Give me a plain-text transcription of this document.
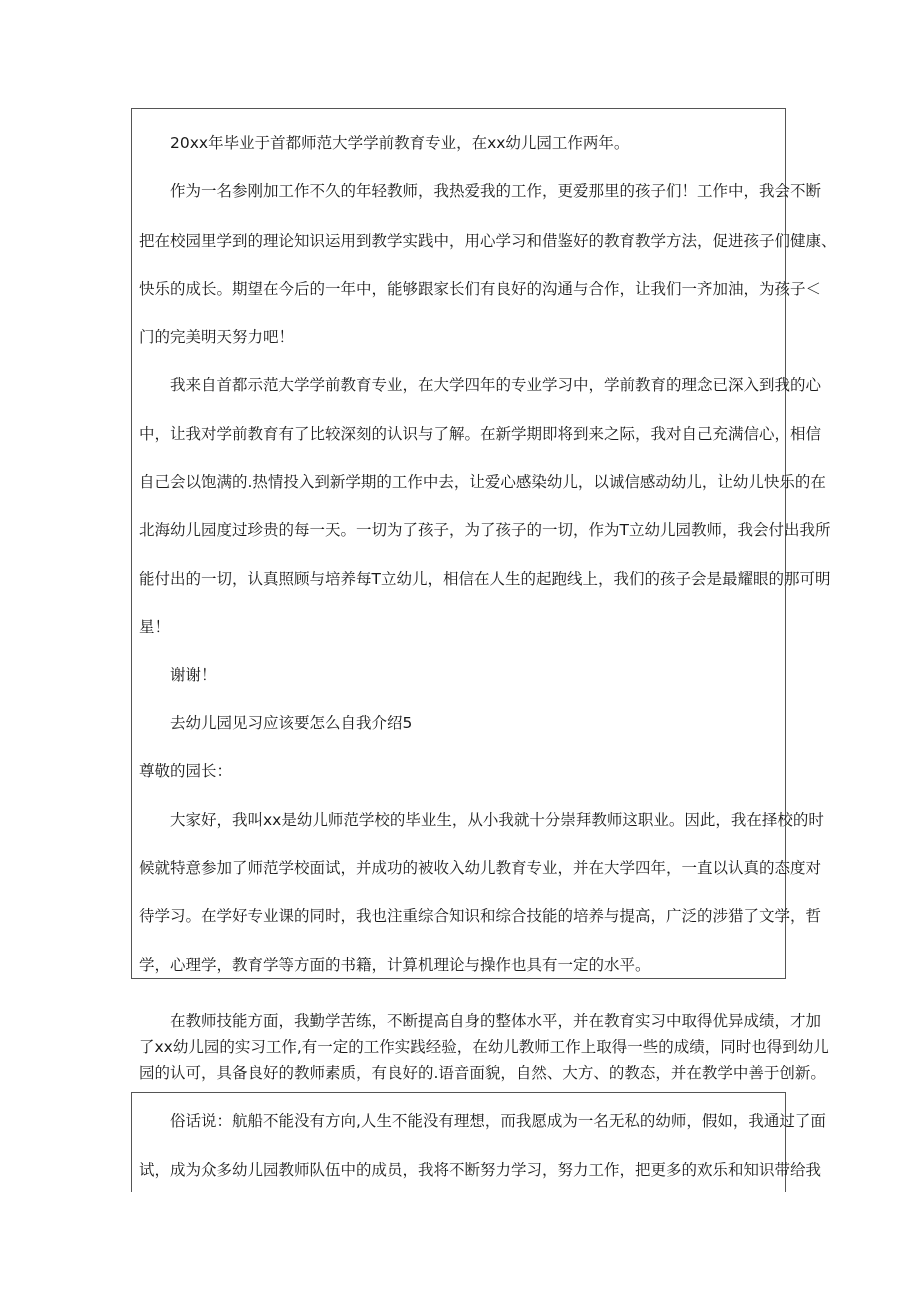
20xx年毕业于首都师范大学学前教育专业，在xx幼儿园工作两年。

作为一名参刚加工作不久的年轻教师，我热爱我的工作，更爱那里的孩子们！工作中，我会不断

把在校园里学到的理论知识运用到教学实践中，用心学习和借鉴好的教育教学方法，促进孩子们健康、

快乐的成长。期望在今后的一年中，能够跟家长们有良好的沟通与合作，让我们一齐加油，为孩子＜

门的完美明天努力吧！

我来自首都示范大学学前教育专业，在大学四年的专业学习中，学前教育的理念已深入到我的心

中，让我对学前教育有了比较深刻的认识与了解。在新学期即将到来之际，我对自己充满信心，相信

自己会以饱满的.热情投入到新学期的工作中去，让爱心感染幼儿，以诚信感动幼儿，让幼儿快乐的在

北海幼儿园度过珍贵的每一天。一切为了孩子，为了孩子的一切，作为T立幼儿园教师，我会付出我所

能付出的一切，认真照顾与培养每T立幼儿，相信在人生的起跑线上，我们的孩子会是最耀眼的那可明

星！

谢谢！

去幼儿园见习应该要怎么自我介绍5

尊敬的园长：

大家好，我叫xx是幼儿师范学校的毕业生，从小我就十分崇拜教师这职业。因此，我在择校的时

候就特意参加了师范学校面试，并成功的被收入幼儿教育专业，并在大学四年，一直以认真的态度对

待学习。在学好专业课的同时，我也注重综合知识和综合技能的培养与提高，广泛的涉猎了文学，哲

学，心理学，教育学等方面的书籍，计算机理论与操作也具有一定的水平。

在教师技能方面，我勤学苦练，不断提高自身的整体水平，并在教育实习中取得优异成绩，才加

了xx幼儿园的实习工作,有一定的工作实践经验，在幼儿教师工作上取得一些的成绩，同时也得到幼儿

园的认可，具备良好的教师素质，有良好的.语音面貌，自然、大方、的教态，并在教学中善于创新。

俗话说：航船不能没有方向,人生不能没有理想，而我愿成为一名无私的幼师，假如，我通过了面

试，成为众多幼儿园教师队伍中的成员，我将不断努力学习，努力工作，把更多的欢乐和知识带给我
